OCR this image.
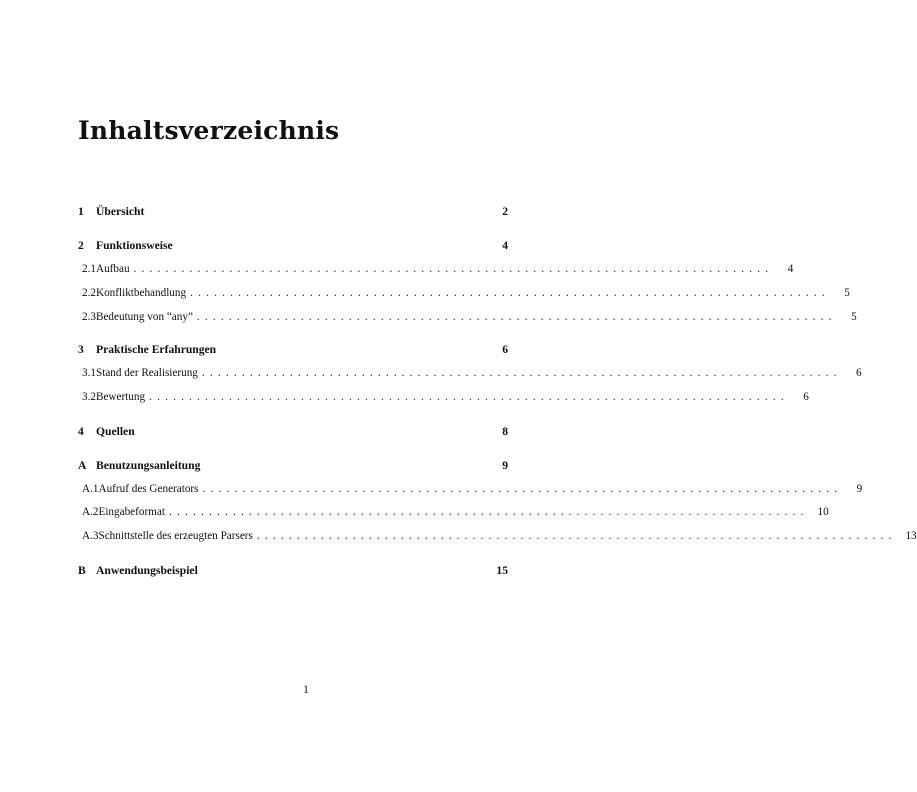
Inhaltsverzeichnis
1	Übersicht	2
2	Funktionsweise	4
2.1 Aufbau ................................................................................	4
2.2 Konfliktbehandlung ................................................................................	5
2.3 Bedeutung von “any” ................................................................................	5
3	Praktische Erfahrungen	6
3.1 Stand der Realisierung ................................................................................	6
3.2 Bewertung ................................................................................	6
4	Quellen	8
A Benutzungsanleitung	9
A.1 Aufruf des Generators ................................................................................	9
A.2 Eingabeformat ................................................................................ 10
A.3 Schnittstelle des erzeugten Parsers ................................................................................ 13
B Anwendungsbeispiel	15
1
